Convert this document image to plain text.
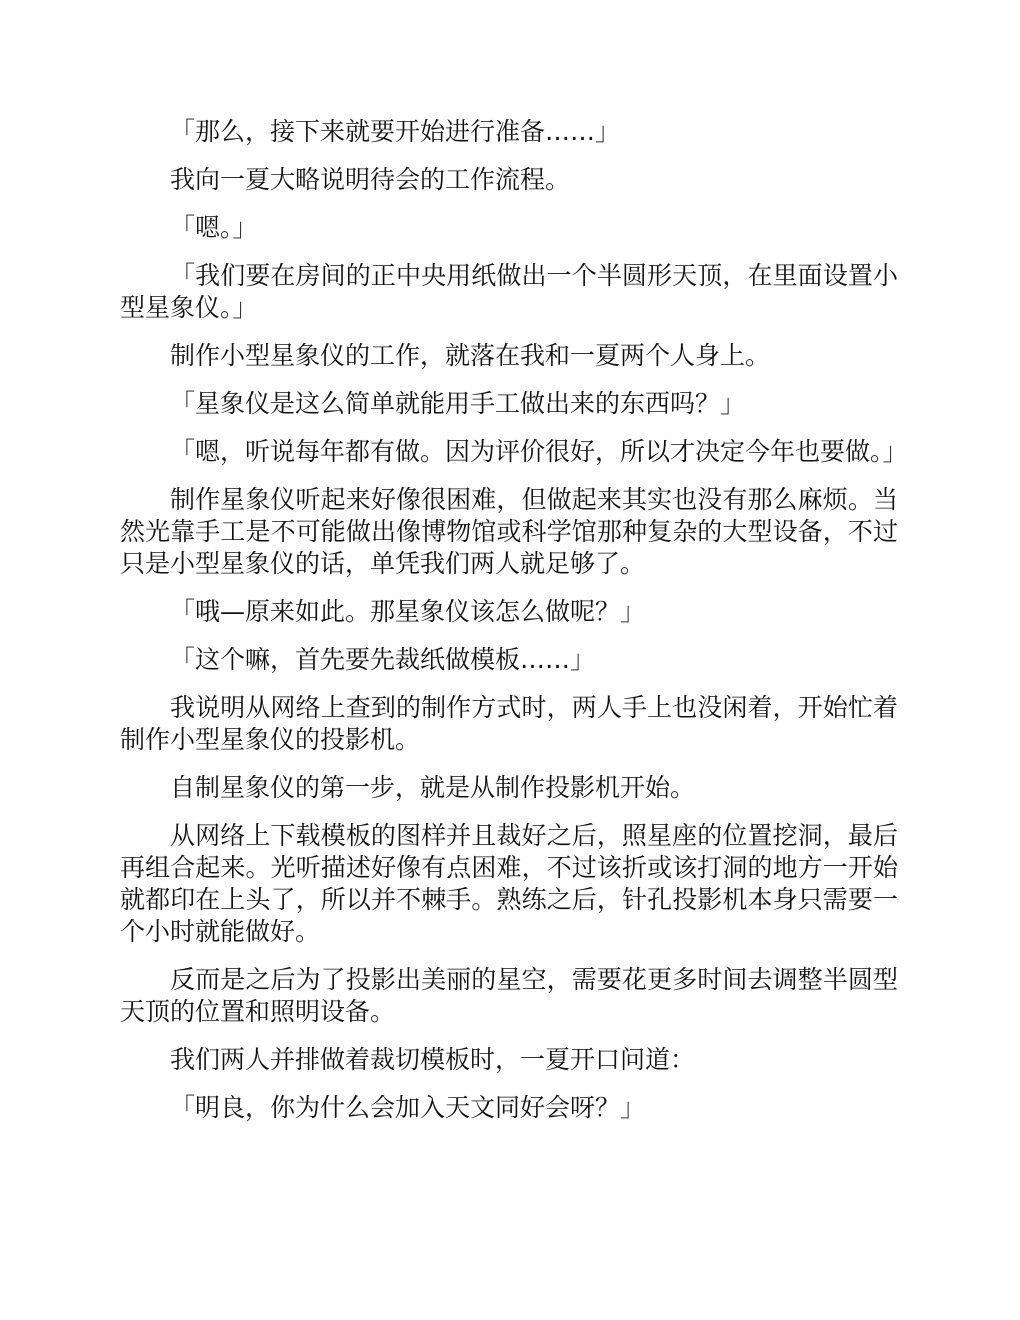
「那么，接下来就要开始进行准备……」

我向一夏大略说明待会的工作流程。

「嗯。」

「我们要在房间的正中央用纸做出一个半圆形天顶，在里面设置小型星象仪。」

制作小型星象仪的工作，就落在我和一夏两个人身上。

「星象仪是这么简单就能用手工做出来的东西吗？」

「嗯，听说每年都有做。因为评价很好，所以才决定今年也要做。」

制作星象仪听起来好像很困难，但做起来其实也没有那么麻烦。当然光靠手工是不可能做出像博物馆或科学馆那种复杂的大型设备，不过只是小型星象仪的话，单凭我们两人就足够了。

「哦—原来如此。那星象仪该怎么做呢？」

「这个嘛，首先要先裁纸做模板……」

我说明从网络上查到的制作方式时，两人手上也没闲着，开始忙着制作小型星象仪的投影机。

自制星象仪的第一步，就是从制作投影机开始。

从网络上下载模板的图样并且裁好之后，照星座的位置挖洞，最后再组合起来。光听描述好像有点困难，不过该折或该打洞的地方一开始就都印在上头了，所以并不棘手。熟练之后，针孔投影机本身只需要一个小时就能做好。

反而是之后为了投影出美丽的星空，需要花更多时间去调整半圆型天顶的位置和照明设备。

我们两人并排做着裁切模板时，一夏开口问道：

「明良，你为什么会加入天文同好会呀？」
